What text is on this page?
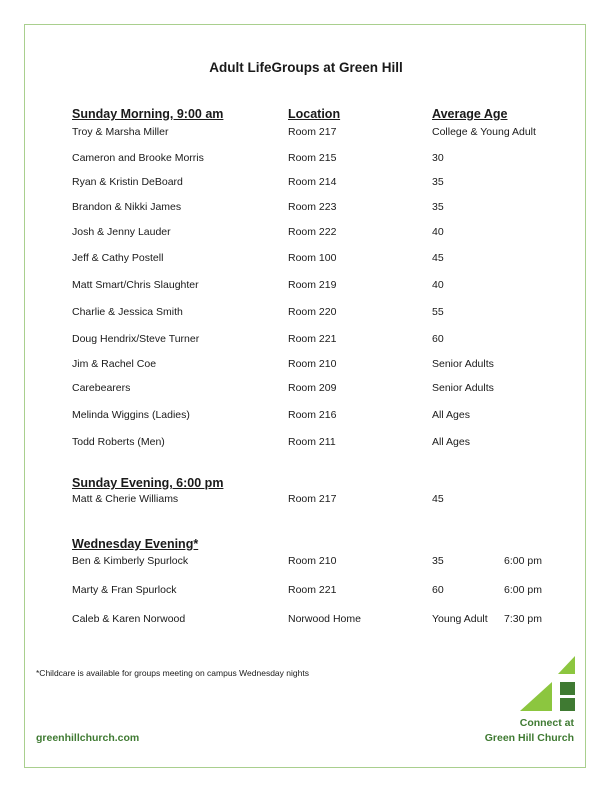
Adult LifeGroups at Green Hill
Sunday Morning, 9:00 am	Location	Average Age
Troy & Marsha Miller	Room 217	College & Young Adult
Cameron and Brooke Morris	Room 215	30
Ryan & Kristin DeBoard	Room 214	35
Brandon & Nikki James	Room 223	35
Josh & Jenny Lauder	Room 222	40
Jeff & Cathy Postell	Room 100	45
Matt Smart/Chris Slaughter	Room 219	40
Charlie & Jessica Smith	Room 220	55
Doug Hendrix/Steve Turner	Room 221	60
Jim & Rachel Coe	Room 210	Senior Adults
Carebearers	Room 209	Senior Adults
Melinda Wiggins (Ladies)	Room 216	All Ages
Todd Roberts (Men)	Room 211	All Ages
Sunday Evening, 6:00 pm
Matt & Cherie Williams	Room 217	45
Wednesday Evening*
Ben & Kimberly Spurlock	Room 210	35	6:00 pm
Marty & Fran Spurlock	Room 221	60	6:00 pm
Caleb & Karen Norwood	Norwood Home	Young Adult 7:30 pm
*Childcare is available for groups meeting on campus Wednesday nights
Connect at
Green Hill Church
greenhillchurch.com
